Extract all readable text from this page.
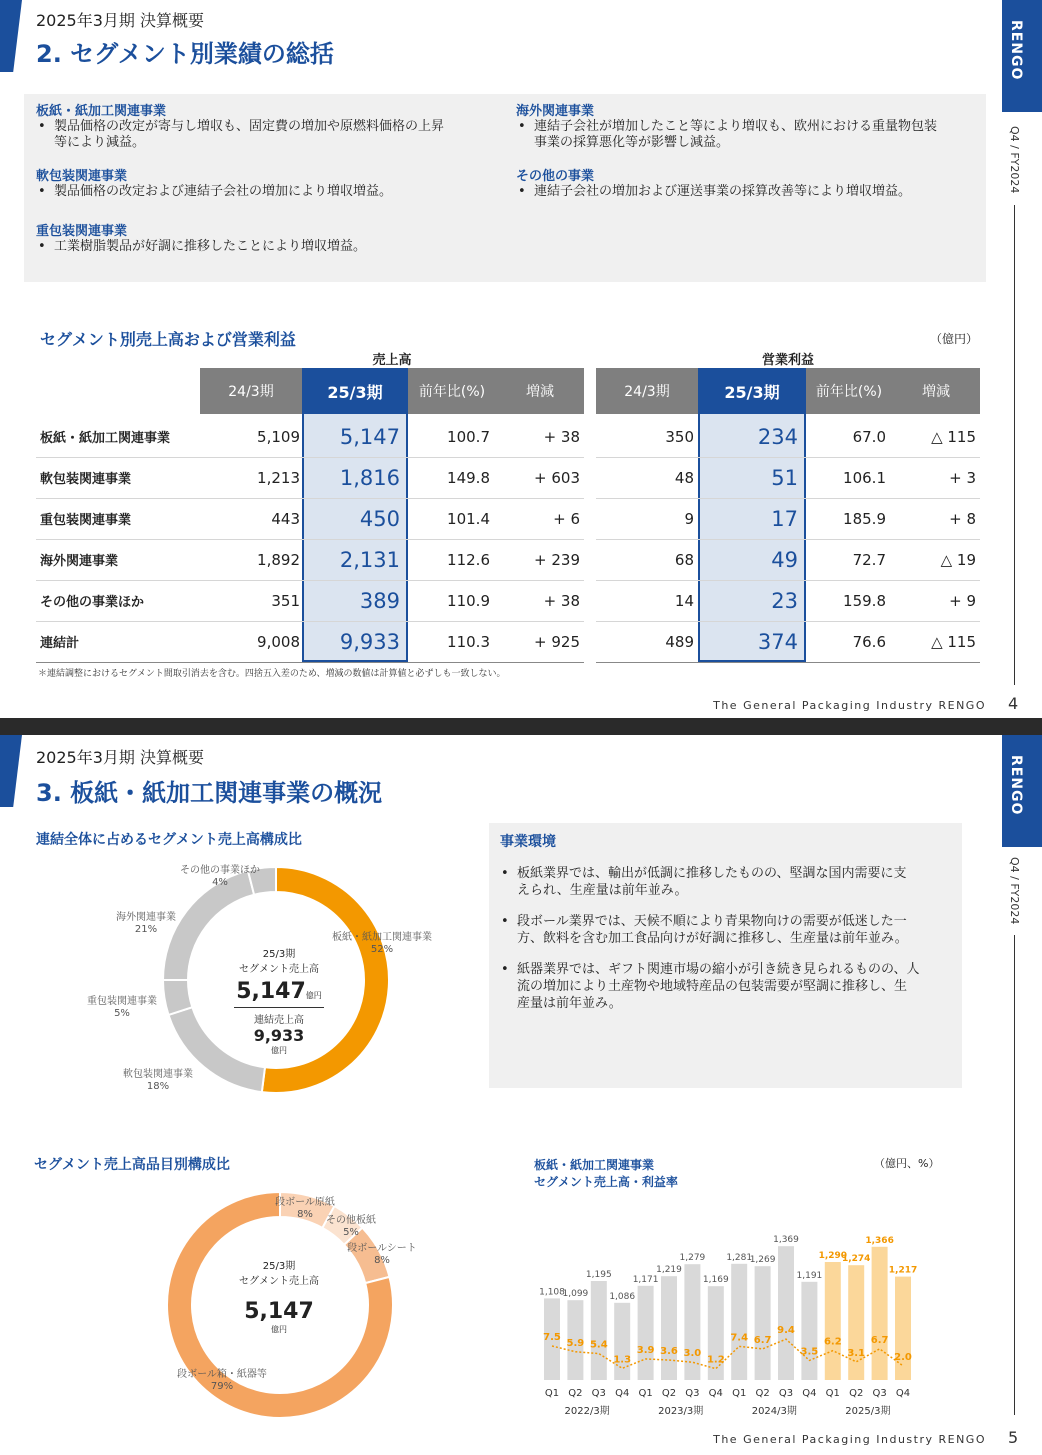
2025年3月期 決算概要
2. セグメント別業績の総括	RENGO
Q4 / FY2024
板紙・紙加工関連事業
• 製品価格の改定が寄与し増収も、固定費の増加や原燃料価格の上昇
等により減益。
軟包装関連事業
• 製品価格の改定および連結子会社の増加により増収増益。
重包装関連事業
• 工業樹脂製品が好調に推移したことにより増収増益。
海外関連事業
• 連結子会社が増加したこと等により増収も、欧州における重量物包装
事業の採算悪化等が影響し減益。
その他の事業
• 連結子会社の増加および運送事業の採算改善等により増収増益。
セグメント別売上高および営業利益	（億円）
売上高	営業利益
24/3期	25/3期	前年比(%)	増減	24/3期	25/3期	前年比(%)	増減
板紙・紙加工関連事業	5,109	5,147	100.7	+ 38	350	234	67.0	△ 115
軟包装関連事業	1,213	1,816	149.8	+ 603	48	51	106.1	+ 3
重包装関連事業	443	450	101.4	+ 6	9	17	185.9	+ 8
海外関連事業	1,892	2,131	112.6	+ 239	68	49	72.7	△ 19
その他の事業ほか	351	389	110.9	+ 38	14	23	159.8	+ 9
連結計	9,008	9,933	110.3	+ 925	489	374	76.6	△ 115
＊連結調整におけるセグメント間取引消去を含む。四捨五入差のため、増減の数値は計算値と必ずしも一致しない。
The General Packaging Industry RENGO 4
2025年3月期 決算概要
3. 板紙・紙加工関連事業の概況	RENGO
Q4 / FY2024
連結全体に占めるセグメント売上高構成比
その他の事業ほか
4%
海外関連事業
21%
重包装関連事業
5%
軟包装関連事業
18%
板紙・紙加工関連事業
52%
25/3期
セグメント売上高
5,147億円
連結売上高
9,933
億円
事業環境
• 板紙業界では、輸出が低調に推移したものの、堅調な国内需要に支
えられ、生産量は前年並み。
• 段ボール業界では、天候不順により青果物向けの需要が低迷した一
方、飲料を含む加工食品向けが好調に推移し、生産量は前年並み。
• 紙器業界では、ギフト関連市場の縮小が引き続き見られるものの、人
流の増加により土産物や地域特産品の包装需要が堅調に推移し、生
産量は前年並み。
セグメント売上高品目別構成比
段ボール原紙
8%
その他板紙
5%
段ボールシート
8%
段ボール箱・紙器等
79%
25/3期
セグメント売上高
5,147
億円
板紙・紙加工関連事業
セグメント売上高・利益率
（億円、%）
1,108
Q1
1,099
Q2
1,195
Q3
1,086
Q4
1,171
Q1
1,219
Q2
1,279
Q3
1,169
Q4
1,281
Q1
1,269
Q2
1,369
Q3
1,191
Q4
1,290
Q1
1,274
Q2
1,366
Q3
1,217
Q4
7.5
5.9 5.4
1.3
3.9 3.6 3.0
1.2
7.4 6.7
9.4
3.5
6.2
3.1
6.7
2.0
2022/3期	2023/3期	2024/3期	2025/3期
The General Packaging Industry RENGO 5
